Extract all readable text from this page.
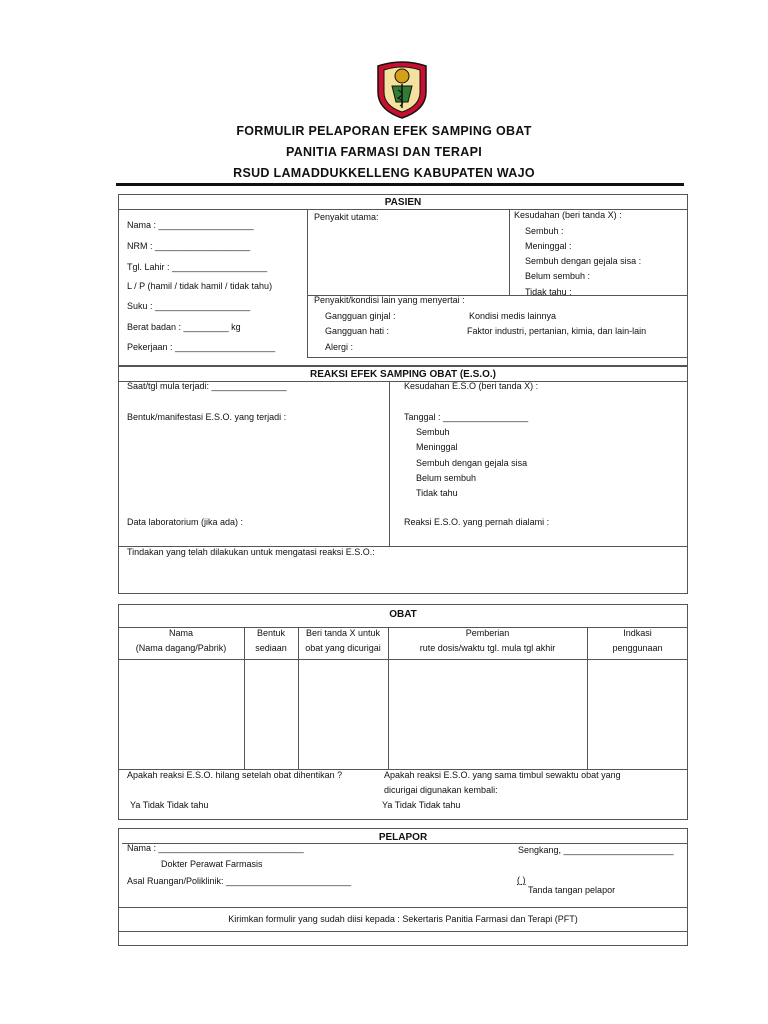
FORMULIR PELAPORAN EFEK SAMPING OBAT
PANITIA FARMASI DAN TERAPI
RSUD LAMADDUKKELLENG KABUPATEN WAJO
PASIEN
Nama : ___________________
NRM : ___________________
Tgl. Lahir : ___________________
L / P (hamil / tidak hamil / tidak tahu)
Suku : ___________________
Berat badan : _________ kg
Pekerjaan : ____________________
Penyakit utama:	Kesudahan (beri tanda X) :
Sembuh :
Meninggal :
Sembuh dengan gejala sisa :
Belum sembuh :
Tidak tahu :
Penyakit/kondisi lain yang menyertai :
Gangguan ginjal :
Gangguan hati :
Alergi :
Kondisi medis lainnya
Faktor industri, pertanian, kimia, dan lain-lain
REAKSI EFEK SAMPING OBAT (E.S.O.)
Saat/tgl mula terjadi: _______________
Bentuk/manifestasi E.S.O. yang terjadi :
Data laboratorium (jika ada) :
Kesudahan E.S.O (beri tanda X) :
Tanggal : _________________
Sembuh
Meninggal
Sembuh dengan gejala sisa
Belum sembuh
Tidak tahu
Reaksi E.S.O. yang pernah dialami :
Tindakan yang telah dilakukan untuk mengatasi reaksi E.S.O.:
OBAT
Nama
(Nama dagang/Pabrik)
Bentuk
sediaan
Beri tanda X untuk
obat yang dicurigai
Pemberian
rute dosis/waktu tgl. mula tgl akhir
Indkasi
penggunaan
Apakah reaksi E.S.O. hilang setelah obat dihentikan ?
Ya Tidak Tidak tahu
Apakah reaksi E.S.O. yang sama timbul sewaktu obat yang
dicurigai digunakan kembali:
Ya Tidak Tidak tahu
PELAPOR
Nama : _____________________________
Dokter Perawat Farmasis
Asal Ruangan/Poliklinik: _________________________
Sengkang, ______________________
( )
Tanda tangan pelapor
Kirimkan formulir yang sudah diisi kepada : Sekertaris Panitia Farmasi dan Terapi (PFT)
